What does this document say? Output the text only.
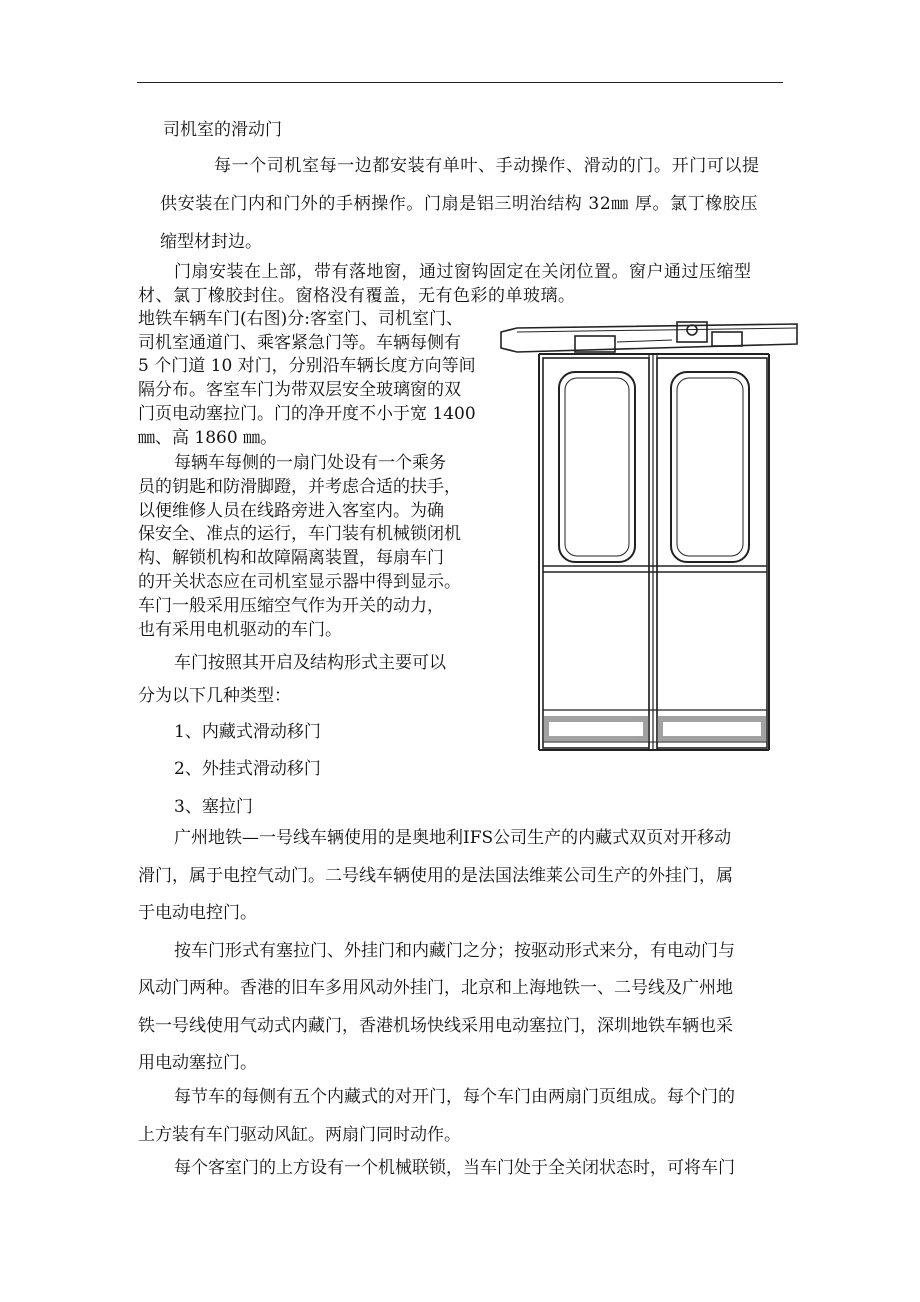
司机室的滑动门
每一个司机室每一边都安装有单叶、手动操作、滑动的门。开门可以提
供安装在门内和门外的手柄操作。门扇是铝三明治结构 32㎜ 厚。氯丁橡胶压
缩型材封边。
门扇安装在上部，带有落地窗，通过窗钩固定在关闭位置。窗户通过压缩型
材、氯丁橡胶封住。窗格没有覆盖，无有色彩的单玻璃。
地铁车辆车门(右图)分:客室门、司机室门、
司机室通道门、乘客紧急门等。车辆每侧有
5 个门道 10 对门，分别沿车辆长度方向等间
隔分布。客室车门为带双层安全玻璃窗的双
门页电动塞拉门。门的净开度不小于宽 1400
㎜、高 1860 ㎜。
每辆车每侧的一扇门处设有一个乘务
员的钥匙和防滑脚蹬，并考虑合适的扶手，
以便维修人员在线路旁进入客室内。为确
保安全、准点的运行，车门装有机械锁闭机
构、解锁机构和故障隔离装置，每扇车门
的开关状态应在司机室显示器中得到显示。
车门一般采用压缩空气作为开关的动力，
也有采用电机驱动的车门。
车门按照其开启及结构形式主要可以
分为以下几种类型：
1、内藏式滑动移门
2、外挂式滑动移门
3、塞拉门
广州地铁—一号线车辆使用的是奥地利IFS公司生产的内藏式双页对开移动
滑门，属于电控气动门。二号线车辆使用的是法国法维莱公司生产的外挂门，属
于电动电控门。
按车门形式有塞拉门、外挂门和内藏门之分；按驱动形式来分，有电动门与
风动门两种。香港的旧车多用风动外挂门，北京和上海地铁一、二号线及广州地
铁一号线使用气动式内藏门，香港机场快线采用电动塞拉门，深圳地铁车辆也采
用电动塞拉门。
每节车的每侧有五个内藏式的对开门，每个车门由两扇门页组成。每个门的
上方装有车门驱动风缸。两扇门同时动作。
每个客室门的上方设有一个机械联锁，当车门处于全关闭状态时，可将车门
